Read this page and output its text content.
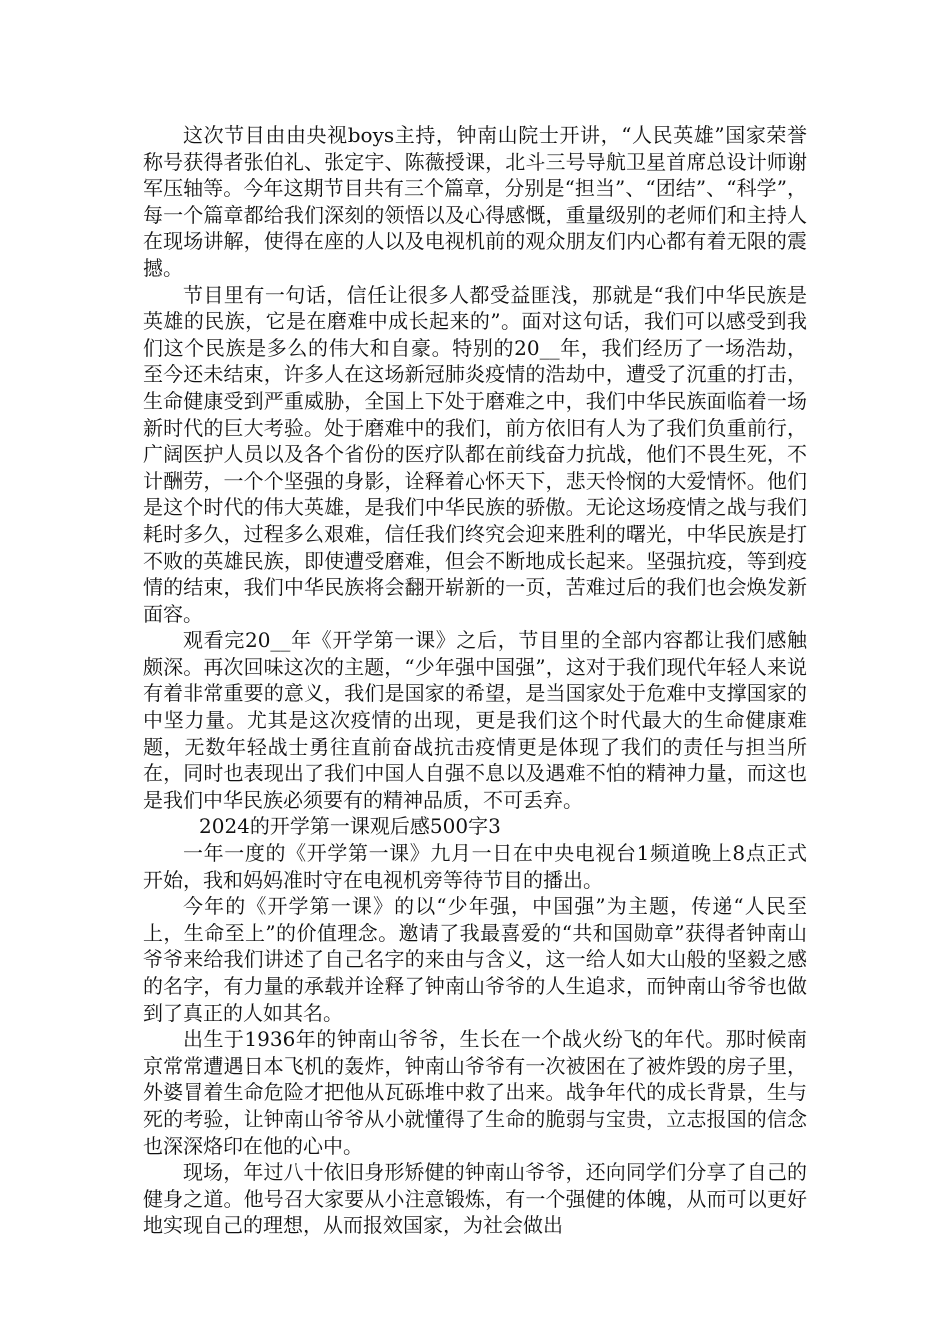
这次节目由由央视boys主持，钟南山院士开讲，“人民英雄”国家荣誉称号获得者张伯礼、张定宇、陈薇授课，北斗三号导航卫星首席总设计师谢军压轴等。今年这期节目共有三个篇章，分别是“担当”、“团结”、“科学”，每一个篇章都给我们深刻的领悟以及心得感慨，重量级别的老师们和主持人在现场讲解，使得在座的人以及电视机前的观众朋友们内心都有着无限的震撼。

节目里有一句话，信任让很多人都受益匪浅，那就是“我们中华民族是英雄的民族，它是在磨难中成长起来的”。面对这句话，我们可以感受到我们这个民族是多么的伟大和自豪。特别的20__年，我们经历了一场浩劫，至今还未结束，许多人在这场新冠肺炎疫情的浩劫中，遭受了沉重的打击，生命健康受到严重威胁，全国上下处于磨难之中，我们中华民族面临着一场新时代的巨大考验。处于磨难中的我们，前方依旧有人为了我们负重前行，广阔医护人员以及各个省份的医疗队都在前线奋力抗战，他们不畏生死，不计酬劳，一个个坚强的身影，诠释着心怀天下，悲天怜悯的大爱情怀。他们是这个时代的伟大英雄，是我们中华民族的骄傲。无论这场疫情之战与我们耗时多久，过程多么艰难，信任我们终究会迎来胜利的曙光，中华民族是打不败的英雄民族，即使遭受磨难，但会不断地成长起来。坚强抗疫，等到疫情的结束，我们中华民族将会翻开崭新的一页，苦难过后的我们也会焕发新面容。

观看完20__年《开学第一课》之后，节目里的全部内容都让我们感触颇深。再次回味这次的主题，“少年强中国强”，这对于我们现代年轻人来说有着非常重要的意义，我们是国家的希望，是当国家处于危难中支撑国家的中坚力量。尤其是这次疫情的出现，更是我们这个时代最大的生命健康难题，无数年轻战士勇往直前奋战抗击疫情更是体现了我们的责任与担当所在，同时也表现出了我们中国人自强不息以及遇难不怕的精神力量，而这也是我们中华民族必须要有的精神品质，不可丢弃。

2024的开学第一课观后感500字3

一年一度的《开学第一课》九月一日在中央电视台1频道晚上8点正式开始，我和妈妈准时守在电视机旁等待节目的播出。

今年的《开学第一课》的以“少年强，中国强”为主题，传递“人民至上，生命至上”的价值理念。邀请了我最喜爱的“共和国勋章”获得者钟南山爷爷来给我们讲述了自己名字的来由与含义，这一给人如大山般的坚毅之感的名字，有力量的承载并诠释了钟南山爷爷的人生追求，而钟南山爷爷也做到了真正的人如其名。

出生于1936年的钟南山爷爷，生长在一个战火纷飞的年代。那时候南京常常遭遇日本飞机的轰炸，钟南山爷爷有一次被困在了被炸毁的房子里，外婆冒着生命危险才把他从瓦砾堆中救了出来。战争年代的成长背景，生与死的考验，让钟南山爷爷从小就懂得了生命的脆弱与宝贵，立志报国的信念也深深烙印在他的心中。

现场，年过八十依旧身形矫健的钟南山爷爷，还向同学们分享了自己的健身之道。他号召大家要从小注意锻炼，有一个强健的体魄，从而可以更好地实现自己的理想，从而报效国家，为社会做出
